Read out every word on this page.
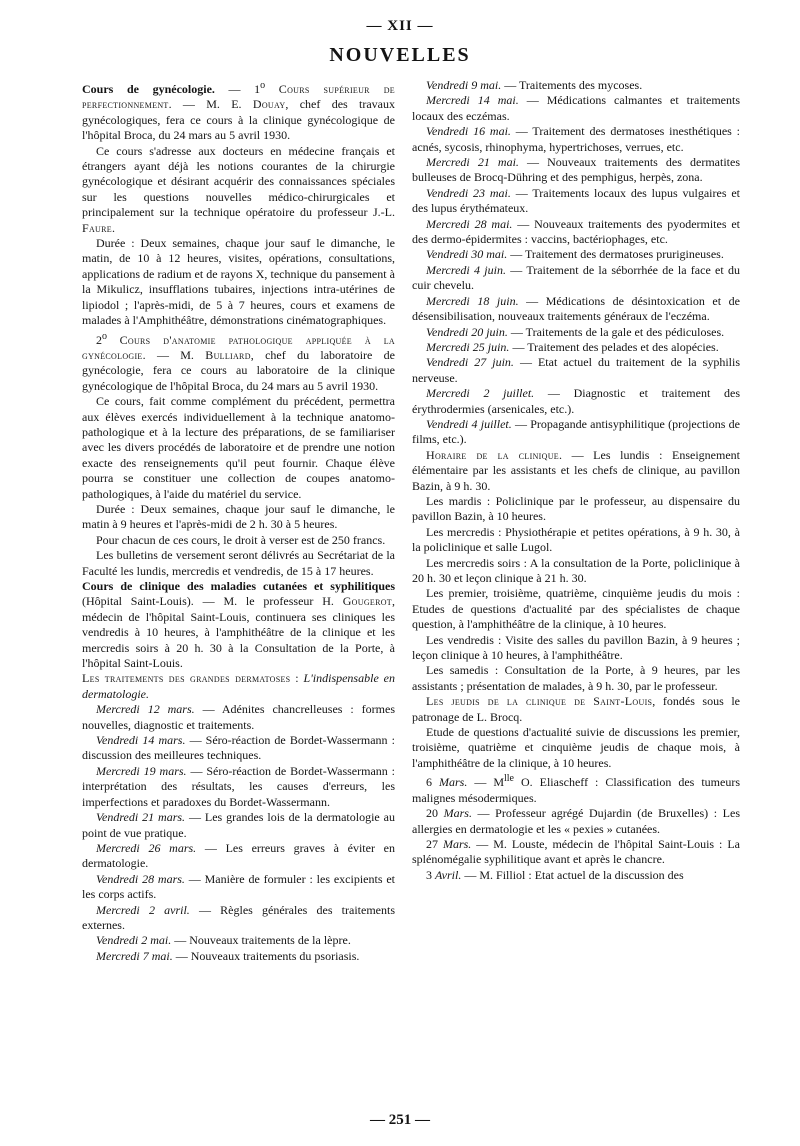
— XII —
NOUVELLES

Cours de gynécologie. — 1$^o$ Cours supérieur de perfectionnement. — M. E. Douay, chef des travaux gynécologiques, fera ce cours à la clinique gynécologique de l'hôpital Broca, du 24 mars au 5 avril 1930.

Ce cours s'adresse aux docteurs en médecine français et étrangers ayant déjà les notions courantes de la chirurgie gynécologique et désirant acquérir des connaissances spéciales sur les questions nouvelles médico-chirurgicales et principalement sur la technique opératoire du professeur J.-L. Faure.

Durée : Deux semaines, chaque jour sauf le dimanche, le matin, de 10 à 12 heures, visites, opérations, consultations, applications de radium et de rayons X, technique du pansement à la Mikulicz, insufflations tubaires, injections intra-utérines de lipiodol ; l'après-midi, de 5 à 7 heures, cours et examens de malades à l'Amphithéâtre, démonstrations cinématographiques.

2$^o$ Cours d'anatomie pathologique appliquée à la gynécologie. — M. Bulliard, chef du laboratoire de gynécologie, fera ce cours au laboratoire de la clinique gynécologique de l'hôpital Broca, du 24 mars au 5 avril 1930.

Ce cours, fait comme complément du précédent, permettra aux élèves exercés individuellement à la technique anatomo-pathologique et à la lecture des préparations, de se familiariser avec les divers procédés de laboratoire et de prendre une notion exacte des renseignements qu'il peut fournir. Chaque élève pourra se constituer une collection de coupes anatomo-pathologiques, à l'aide du matériel du service.

Durée : Deux semaines, chaque jour sauf le dimanche, le matin à 9 heures et l'après-midi de 2 h. 30 à 5 heures.

Pour chacun de ces cours, le droit à verser est de 250 francs.

Les bulletins de versement seront délivrés au Secrétariat de la Faculté les lundis, mercredis et vendredis, de 15 à 17 heures.

Cours de clinique des maladies cutanées et syphilitiques (Hôpital Saint-Louis). — M. le professeur H. Gougerot, médecin de l'hôpital Saint-Louis, continuera ses cliniques les vendredis à 10 heures, à l'amphithéâtre de la clinique et les mercredis soirs à 20 h. 30 à la Consultation de la Porte, à l'hôpital Saint-Louis.

Les traitements des grandes dermatoses : L'indispensable en dermatologie.

Mercredi 12 mars. — Adénites chancrelleuses : formes nouvelles, diagnostic et traitements.

Vendredi 14 mars. — Séro-réaction de Bordet-Wassermann : discussion des meilleures techniques.

Mercredi 19 mars. — Séro-réaction de Bordet-Wassermann : interprétation des résultats, les causes d'erreurs, les imperfections et paradoxes du Bordet-Wassermann.

Vendredi 21 mars. — Les grandes lois de la dermatologie au point de vue pratique.

Mercredi 26 mars. — Les erreurs graves à éviter en dermatologie.

Vendredi 28 mars. — Manière de formuler : les excipients et les corps actifs.

Mercredi 2 avril. — Règles générales des traitements externes.

Vendredi 2 mai. — Nouveaux traitements de la lèpre.

Mercredi 7 mai. — Nouveaux traitements du psoriasis.

Vendredi 9 mai. — Traitements des mycoses.

Mercredi 14 mai. — Médications calmantes et traitements locaux des eczémas.

Vendredi 16 mai. — Traitement des dermatoses inesthétiques : acnés, sycosis, rhinophyma, hypertrichoses, verrues, etc.

Mercredi 21 mai. — Nouveaux traitements des dermatites bulleuses de Brocq-Dühring et des pemphigus, herpès, zona.

Vendredi 23 mai. — Traitements locaux des lupus vulgaires et des lupus érythémateux.

Mercredi 28 mai. — Nouveaux traitements des pyodermites et des dermo-épidermites : vaccins, bactériophages, etc.

Vendredi 30 mai. — Traitement des dermatoses prurigineuses.

Mercredi 4 juin. — Traitement de la séborrhée de la face et du cuir chevelu.

Mercredi 18 juin. — Médications de désintoxication et de désensibilisation, nouveaux traitements généraux de l'eczéma.

Vendredi 20 juin. — Traitements de la gale et des pédiculoses.

Mercredi 25 juin. — Traitement des pelades et des alopécies.

Vendredi 27 juin. — Etat actuel du traitement de la syphilis nerveuse.

Mercredi 2 juillet. — Diagnostic et traitement des érythrodermies (arsenicales, etc.).

Vendredi 4 juillet. — Propagande antisyphilitique (projections de films, etc.).

Horaire de la clinique. — Les lundis : Enseignement élémentaire par les assistants et les chefs de clinique, au pavillon Bazin, à 9 h. 30.

Les mardis : Policlinique par le professeur, au dispensaire du pavillon Bazin, à 10 heures.

Les mercredis : Physiothérapie et petites opérations, à 9 h. 30, à la policlinique et salle Lugol.

Les mercredis soirs : A la consultation de la Porte, policlinique à 20 h. 30 et leçon clinique à 21 h. 30.

Les premier, troisième, quatrième, cinquième jeudis du mois : Etudes de questions d'actualité par des spécialistes de chaque question, à l'amphithéâtre de la clinique, à 10 heures.

Les vendredis : Visite des salles du pavillon Bazin, à 9 heures ; leçon clinique à 10 heures, à l'amphithéâtre.

Les samedis : Consultation de la Porte, à 9 heures, par les assistants ; présentation de malades, à 9 h. 30, par le professeur.

Les jeudis de la clinique de Saint-Louis, fondés sous le patronage de L. Brocq.

Etude de questions d'actualité suivie de discussions les premier, troisième, quatrième et cinquième jeudis de chaque mois, à l'amphithéâtre de la clinique, à 10 heures.

6 Mars. — $M^{lle}$ O. Eliascheff : Classification des tumeurs malignes mésodermiques.

20 Mars. — Professeur agrégé Dujardin (de Bruxelles) : Les allergies en dermatologie et les « pexies » cutanées.

27 Mars. — M. Louste, médecin de l'hôpital Saint-Louis : La splénomégalie syphilitique avant et après le chancre.

3 Avril. — M. Filliol : Etat actuel de la discussion des

— 251 —
